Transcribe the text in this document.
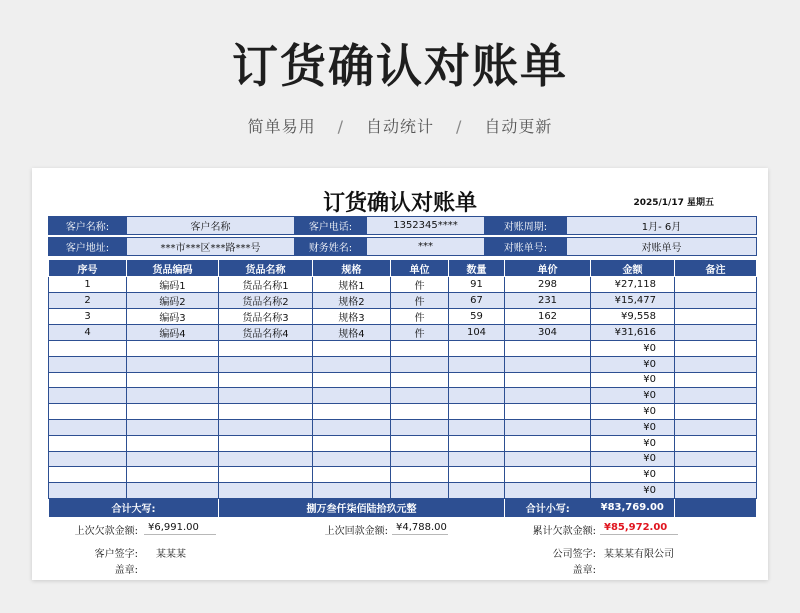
订货确认对账单
简单易用 / 自动统计 / 自动更新
订货确认对账单	2025/1/17 星期五
客户名称:	客户名称	客户电话:	1352345****	对账周期:	1月- 6月

客户地址:	***市***区***路***号	财务姓名:	***	对账单号:	对账单号
序号	货品编码	货品名称	规格	单位	数量	单价	金额	备注
1	编码1	货品名称1	规格1	件	91	298	¥27,118	
2	编码2	货品名称2	规格2	件	67	231	¥15,477	
3	编码3	货品名称3	规格3	件	59	162	¥9,558	
4	编码4	货品名称4	规格4	件	104	304	¥31,616	
							¥0	
							¥0	
							¥0	
							¥0	
							¥0	
							¥0	
							¥0	
							¥0	
							¥0	
							¥0	
合计大写:		捌万叁仟柒佰陆拾玖元整				合计小写:	¥83,769.00	
上次欠款金额:	¥6,991.00	上次回款金额: ¥4,788.00	累计欠款金额: ¥85,972.00
客户签字: 某某某	公司签字: 某某某有限公司
盖章:	盖章:
